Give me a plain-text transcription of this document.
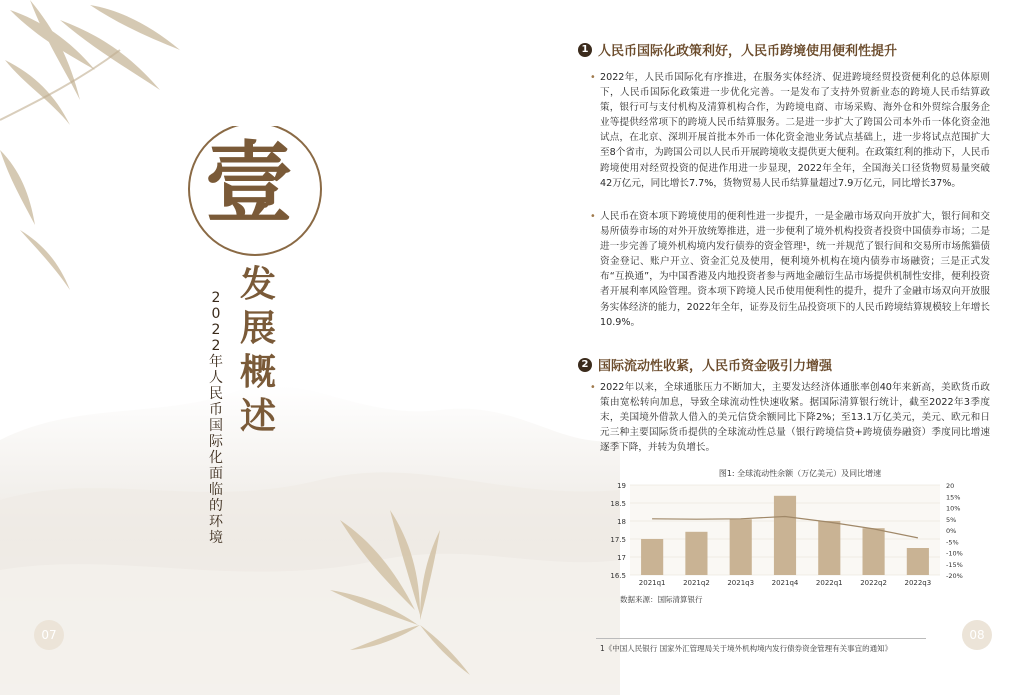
壹
发
展
概
述
2
0
2
2
年
人
民
币
国
际
化
面
临
的
环
境
07
1 人民币国际化政策利好，人民币跨境使用便利性提升
• 2022年，人民币国际化有序推进，在服务实体经济、促进跨境经贸投资便利化的总体原则下，人民币国际化政策进一步优化完善。一是发布了支持外贸新业态的跨境人民币结算政策，银行可与支付机构及清算机构合作，为跨境电商、市场采购、海外仓和外贸综合服务企业等提供经常项下的跨境人民币结算服务。二是进一步扩大了跨国公司本外币一体化资金池试点，在北京、深圳开展首批本外币一体化资金池业务试点基础上，进一步将试点范围扩大至8个省市，为跨国公司以人民币开展跨境收支提供更大便利。在政策红利的推动下，人民币跨境使用对经贸投资的促进作用进一步显现，2022年全年，全国海关口径货物贸易量突破42万亿元，同比增长7.7%，货物贸易人民币结算量超过7.9万亿元，同比增长37%。
• 人民币在资本项下跨境使用的便利性进一步提升，一是金融市场双向开放扩大，银行间和交易所债券市场的对外开放统筹推进，进一步便利了境外机构投资者投资中国债券市场；二是进一步完善了境外机构境内发行债券的资金管理¹，统一并规范了银行间和交易所市场熊猫债资金登记、账户开立、资金汇兑及使用，便利境外机构在境内债券市场融资；三是正式发布“互换通”，为中国香港及内地投资者参与两地金融衍生品市场提供机制性安排，便利投资者开展利率风险管理。资本项下跨境人民币使用便利性的提升，提升了金融市场双向开放服务实体经济的能力，2022年全年，证券及衍生品投资项下的人民币跨境结算规模较上年增长10.9%。
2 国际流动性收紧，人民币资金吸引力增强
• 2022年以来，全球通胀压力不断加大，主要发达经济体通胀率创40年来新高，美欧货币政策由宽松转向加息，导致全球流动性快速收紧。据国际清算银行统计，截至2022年3季度末，美国境外借款人借入的美元信贷余额同比下降2%；至13.1万亿美元，美元、欧元和日元三种主要国际货币提供的全球流动性总量（银行跨境信贷+跨境债券融资）季度同比增速逐季下降，并转为负增长。
图1: 全球流动性余额（万亿美元）及同比增速
19
18.5
18
17.5
17
16.5
20
15%
10%
5%
0%
-5%
-10%
-15%
-20%
2021q1	2021q2	2021q3	2021q4	2022q1	2022q2	2022q3
数据来源：国际清算银行
1《中国人民银行 国家外汇管理局关于境外机构境内发行债券资金管理有关事宜的通知》
08
